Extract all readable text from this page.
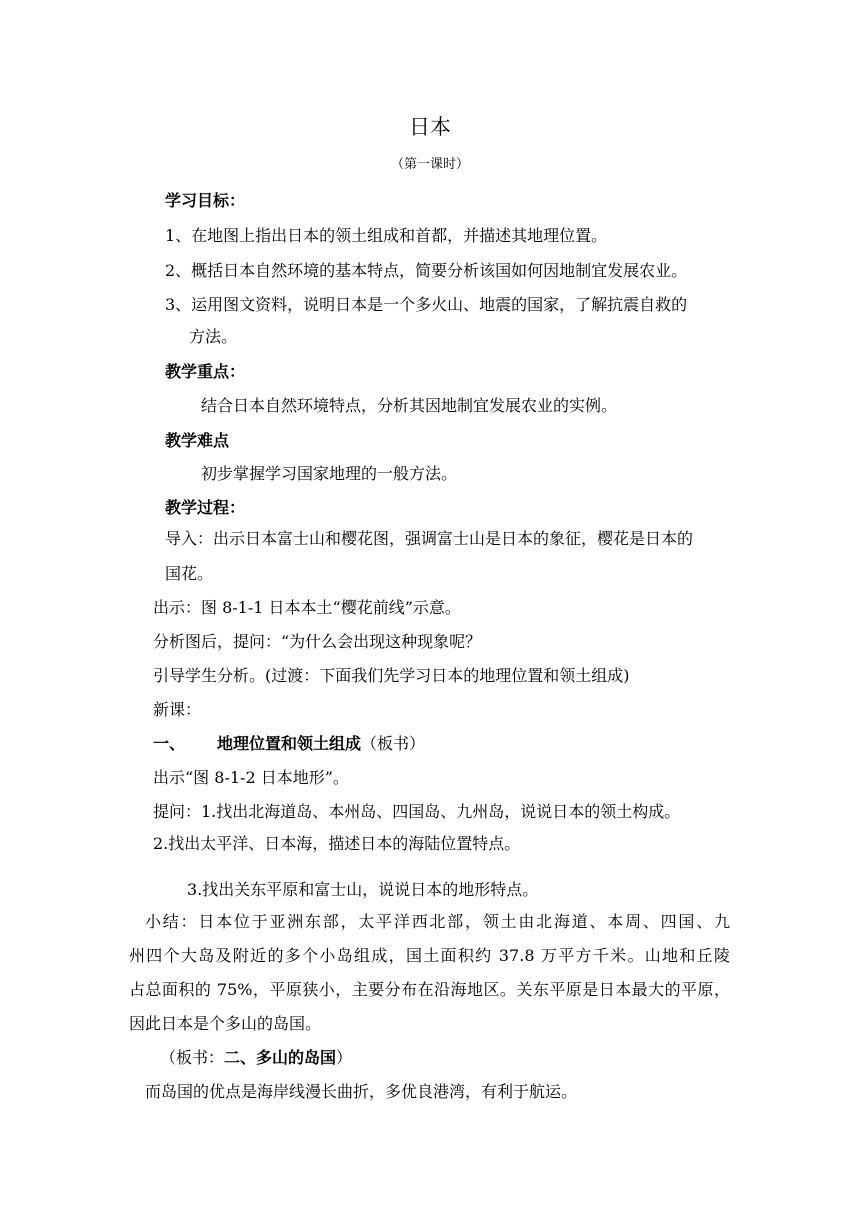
日本
（第一课时）
学习目标：
1、在地图上指出日本的领土组成和首都，并描述其地理位置。
2、概括日本自然环境的基本特点，简要分析该国如何因地制宜发展农业。
3、运用图文资料，说明日本是一个多火山、地震的国家，了解抗震自救的
方法。
教学重点：
结合日本自然环境特点，分析其因地制宜发展农业的实例。
教学难点
初步掌握学习国家地理的一般方法。
教学过程：
导入：出示日本富士山和樱花图，强调富士山是日本的象征，樱花是日本的
国花。
出示：图 8-1-1 日本本土“樱花前线”示意。
分析图后，提问：“为什么会出现这种现象呢？
引导学生分析。(过渡：下面我们先学习日本的地理位置和领土组成)
新课：
一、 地理位置和领土组成（板书）
出示“图 8-1-2 日本地形”。
提问：1.找出北海道岛、本州岛、四国岛、九州岛，说说日本的领土构成。
2.找出太平洋、日本海，描述日本的海陆位置特点。
3.找出关东平原和富士山，说说日本的地形特点。
小结：日本位于亚洲东部，太平洋西北部，领土由北海道、本周、四国、九
州四个大岛及附近的多个小岛组成，国土面积约 37.8 万平方千米。山地和丘陵
占总面积的 75%，平原狭小，主要分布在沿海地区。关东平原是日本最大的平原，
因此日本是个多山的岛国。
（板书：二、多山的岛国）
而岛国的优点是海岸线漫长曲折，多优良港湾，有利于航运。
